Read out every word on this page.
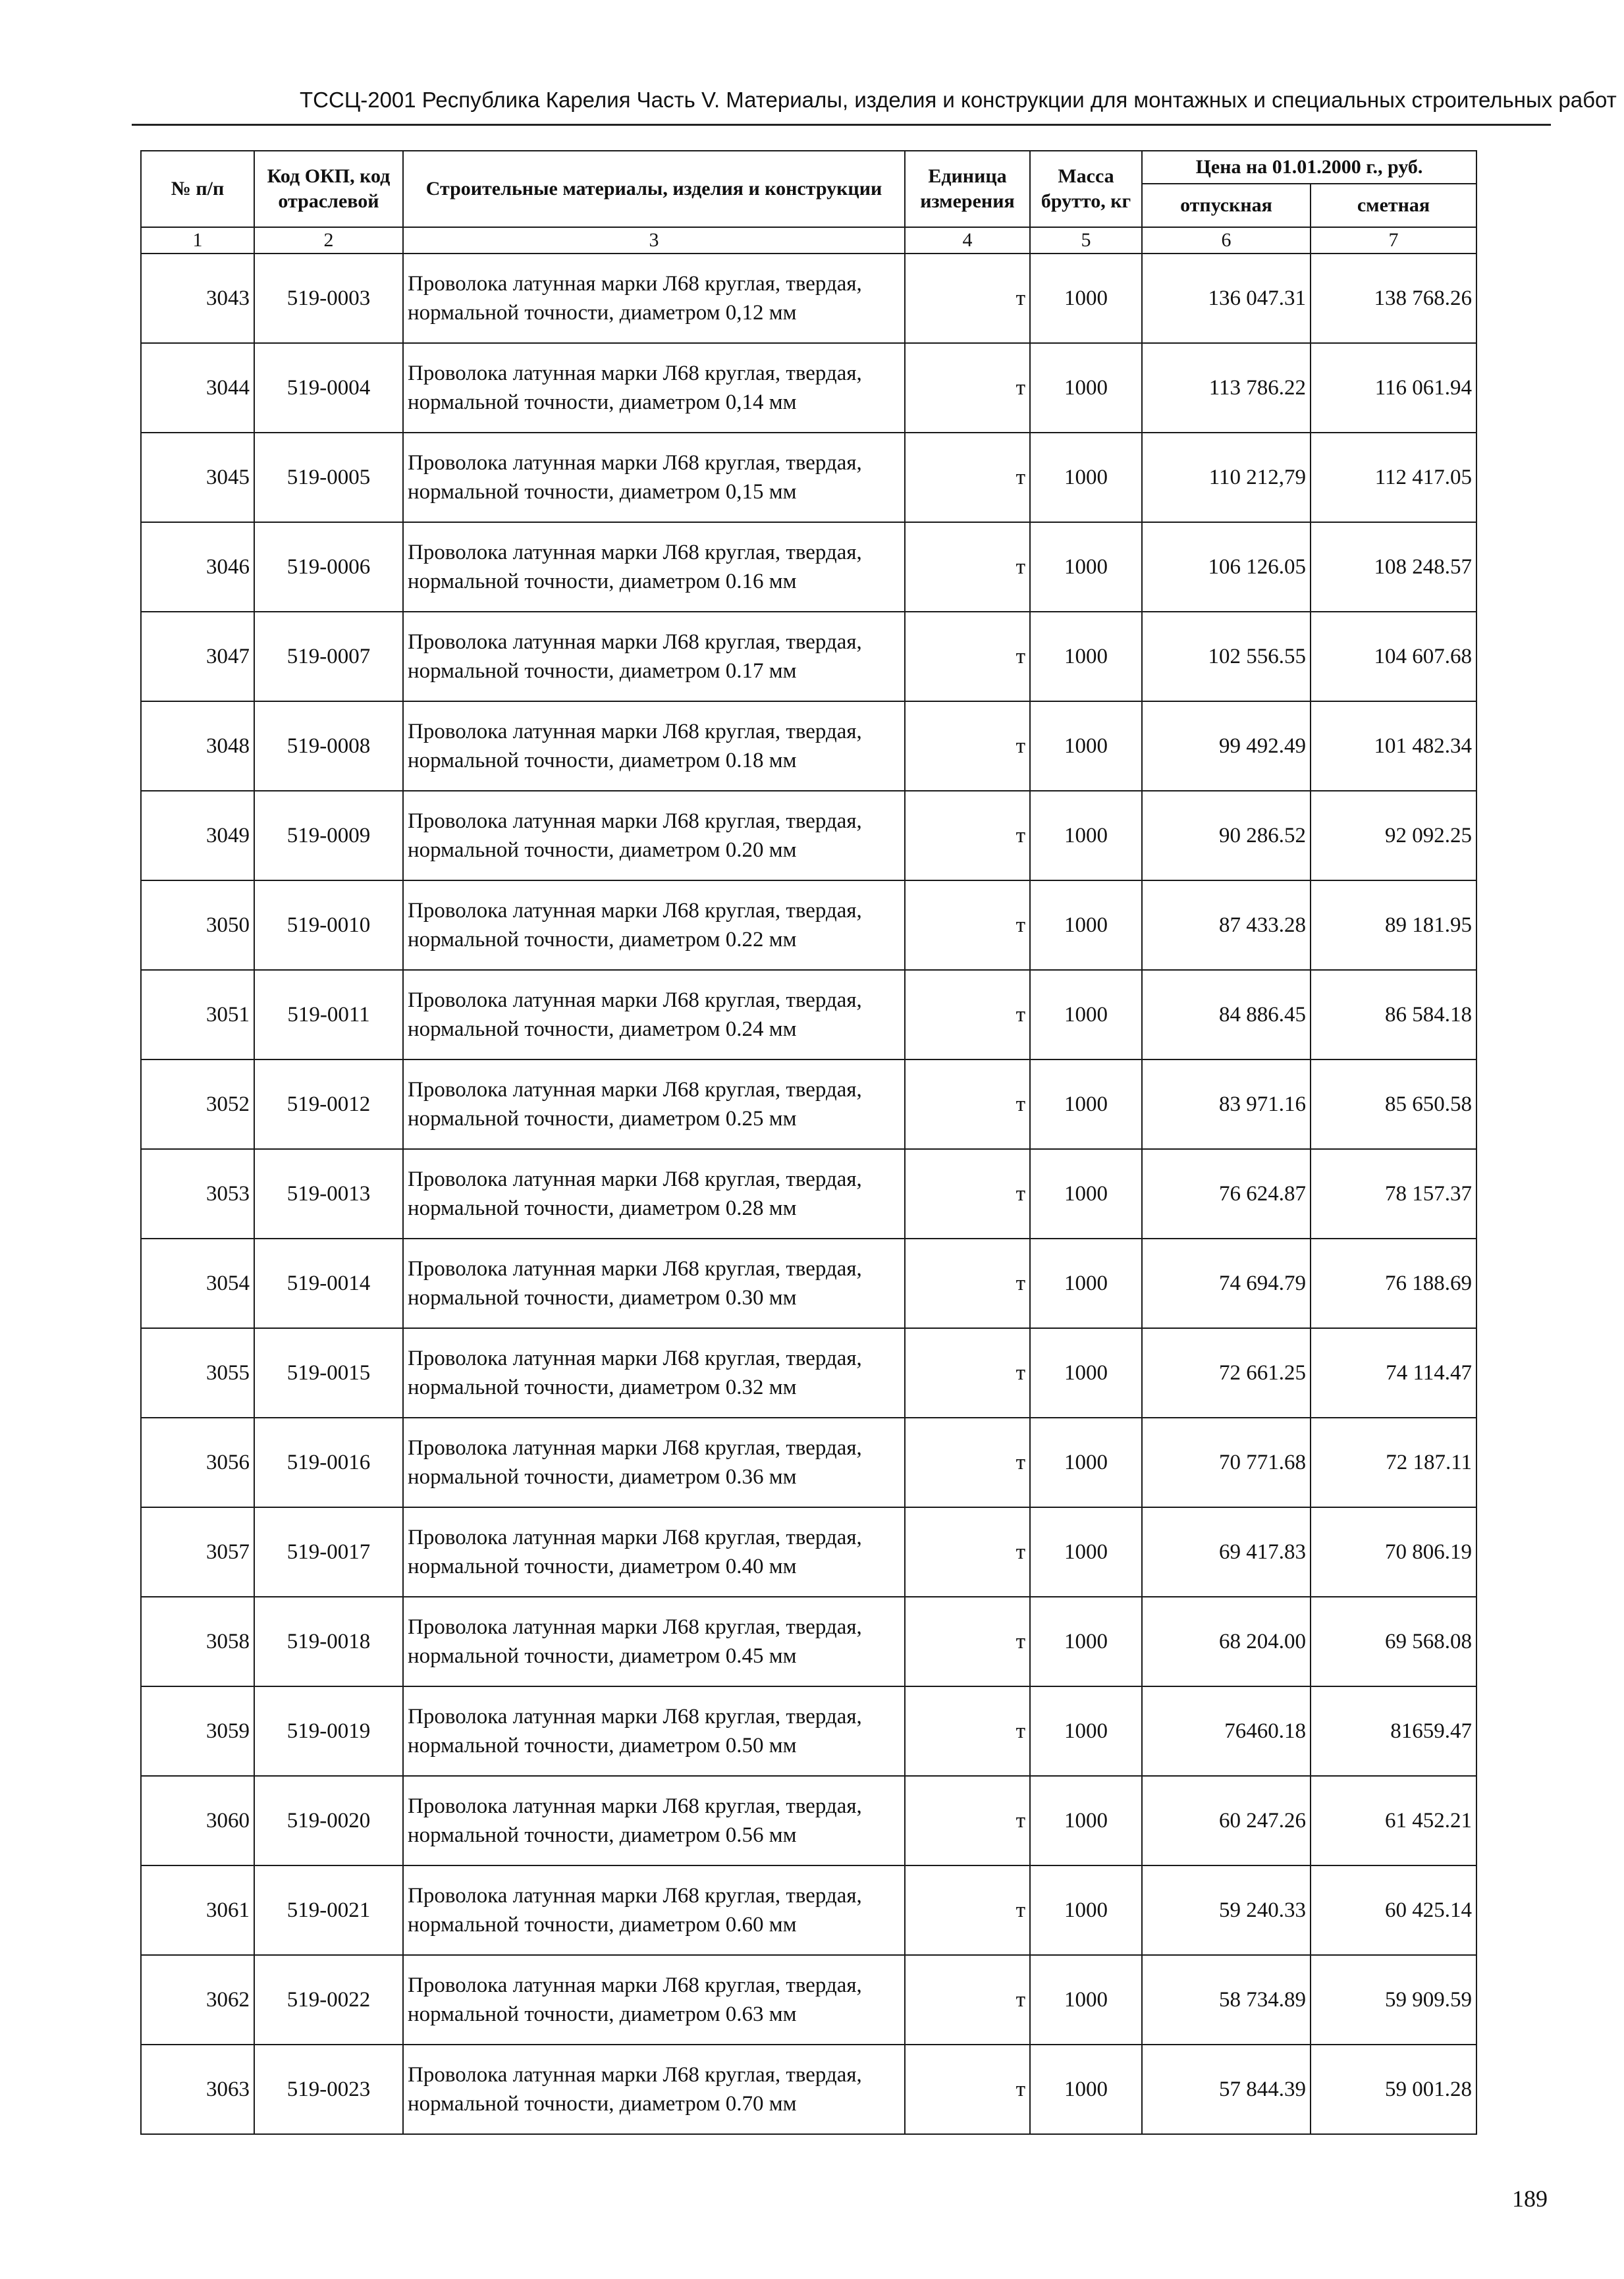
ТССЦ-2001 Республика Карелия Часть V. Материалы, изделия и конструкции для монтажных и специальных строительных работ
№ п/п	Код ОКП, код отраслевой	Строительные материалы, изделия и конструкции	Единица измерения	Масса брутто, кг	Цена на 01.01.2000 г., руб.	
					отпускная	сметная
1	2	3	4	5	6	7
3043	519-0003	Проволока латунная марки Л68 круглая, твердая, нормальной точности, диаметром 0,12 мм	т	1000	136 047.31	138 768.26
3044	519-0004	Проволока латунная марки Л68 круглая, твердая, нормальной точности, диаметром 0,14 мм	т	1000	113 786.22	116 061.94
3045	519-0005	Проволока латунная марки Л68 круглая, твердая, нормальной точности, диаметром 0,15 мм	т	1000	110 212,79	112 417.05
3046	519-0006	Проволока латунная марки Л68 круглая, твердая, нормальной точности, диаметром 0.16 мм	т	1000	106 126.05	108 248.57
3047	519-0007	Проволока латунная марки Л68 круглая, твердая, нормальной точности, диаметром 0.17 мм	т	1000	102 556.55	104 607.68
3048	519-0008	Проволока латунная марки Л68 круглая, твердая, нормальной точности, диаметром 0.18 мм	т	1000	99 492.49	101 482.34
3049	519-0009	Проволока латунная марки Л68 круглая, твердая, нормальной точности, диаметром 0.20 мм	т	1000	90 286.52	92 092.25
3050	519-0010	Проволока латунная марки Л68 круглая, твердая, нормальной точности, диаметром 0.22 мм	т	1000	87 433.28	89 181.95
3051	519-0011	Проволока латунная марки Л68 круглая, твердая, нормальной точности, диаметром 0.24 мм	т	1000	84 886.45	86 584.18
3052	519-0012	Проволока латунная марки Л68 круглая, твердая, нормальной точности, диаметром 0.25 мм	т	1000	83 971.16	85 650.58
3053	519-0013	Проволока латунная марки Л68 круглая, твердая, нормальной точности, диаметром 0.28 мм	т	1000	76 624.87	78 157.37
3054	519-0014	Проволока латунная марки Л68 круглая, твердая, нормальной точности, диаметром 0.30 мм	т	1000	74 694.79	76 188.69
3055	519-0015	Проволока латунная марки Л68 круглая, твердая, нормальной точности, диаметром 0.32 мм	т	1000	72 661.25	74 114.47
3056	519-0016	Проволока латунная марки Л68 круглая, твердая, нормальной точности, диаметром 0.36 мм	т	1000	70 771.68	72 187.11
3057	519-0017	Проволока латунная марки Л68 круглая, твердая, нормальной точности, диаметром 0.40 мм	т	1000	69 417.83	70 806.19
3058	519-0018	Проволока латунная марки Л68 круглая, твердая, нормальной точности, диаметром 0.45 мм	т	1000	68 204.00	69 568.08
3059	519-0019	Проволока латунная марки Л68 круглая, твердая, нормальной точности, диаметром 0.50 мм	т	1000	76460.18	81659.47
3060	519-0020	Проволока латунная марки Л68 круглая, твердая, нормальной точности, диаметром 0.56 мм	т	1000	60 247.26	61 452.21
3061	519-0021	Проволока латунная марки Л68 круглая, твердая, нормальной точности, диаметром 0.60 мм	т	1000	59 240.33	60 425.14
3062	519-0022	Проволока латунная марки Л68 круглая, твердая, нормальной точности, диаметром 0.63 мм	т	1000	58 734.89	59 909.59
3063	519-0023	Проволока латунная марки Л68 круглая, твердая, нормальной точности, диаметром 0.70 мм	т	1000	57 844.39	59 001.28
189
